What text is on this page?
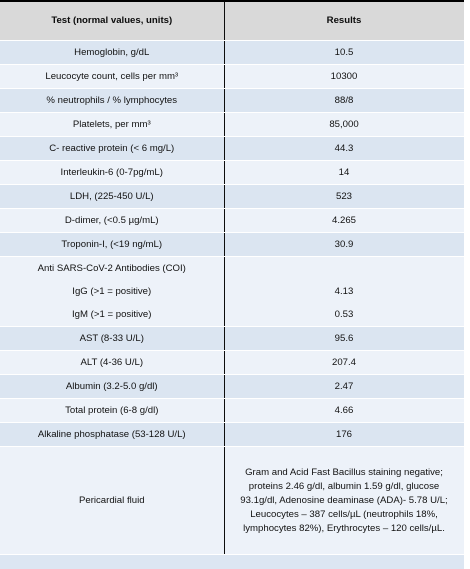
Test (normal values, units)	Results
Hemoglobin, g/dL	10.5
Leucocyte count, cells per mm³	10300
% neutrophils / % lymphocytes	88/8
Platelets, per mm³	85,000
C- reactive protein (< 6 mg/L)	44.3
Interleukin-6 (0-7pg/mL)	14
LDH, (225-450 U/L)	523
D-dimer, (<0.5 µg/mL)	4.265
Troponin-I, (<19 ng/mL)	30.9
Anti SARS-CoV-2 Antibodies (COI)	
IgG (>1 = positive)	4.13
IgM (>1 = positive)	0.53
AST (8-33 U/L)	95.6
ALT (4-36 U/L)	207.4
Albumin (3.2-5.0 g/dl)	2.47
Total protein (6-8 g/dl)	4.66
Alkaline phosphatase (53-128 U/L)	176
Pericardial fluid	Gram and Acid Fast Bacillus staining negative;
proteins 2.46 g/dl, albumin 1.59 g/dl, glucose
93.1g/dl, Adenosine deaminase (ADA)- 5.78 U/L;
Leucocytes – 387 cells/µL (neutrophils 18%,
lymphocytes 82%), Erythrocytes – 120 cells/µL.
